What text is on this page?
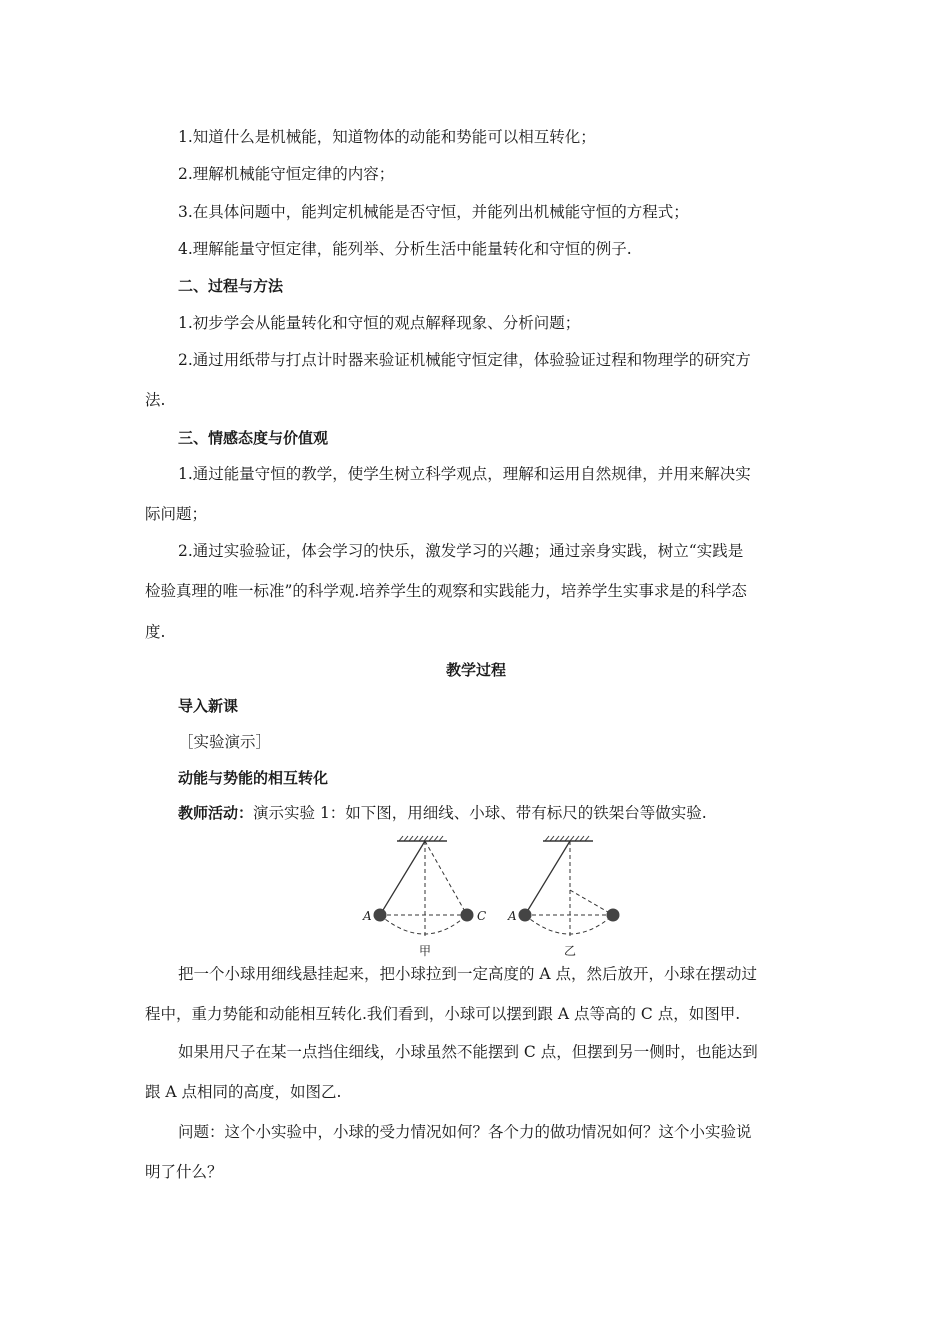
1.知道什么是机械能，知道物体的动能和势能可以相互转化；
2.理解机械能守恒定律的内容；
3.在具体问题中，能判定机械能是否守恒，并能列出机械能守恒的方程式；
4.理解能量守恒定律，能列举、分析生活中能量转化和守恒的例子.
二、过程与方法
1.初步学会从能量转化和守恒的观点解释现象、分析问题；
2.通过用纸带与打点计时器来验证机械能守恒定律，体验验证过程和物理学的研究方
法.
三、情感态度与价值观
1.通过能量守恒的教学，使学生树立科学观点，理解和运用自然规律，并用来解决实
际问题；
2.通过实验验证，体会学习的快乐，激发学习的兴趣；通过亲身实践，树立“实践是
检验真理的唯一标准”的科学观.培养学生的观察和实践能力，培养学生实事求是的科学态
度.
教学过程
导入新课
［实验演示］
动能与势能的相互转化
教师活动：演示实验 1：如下图，用细线、小球、带有标尺的铁架台等做实验.
A	C
甲
A
乙
把一个小球用细线悬挂起来，把小球拉到一定高度的 A 点，然后放开，小球在摆动过
程中，重力势能和动能相互转化.我们看到，小球可以摆到跟 A 点等高的 C 点，如图甲.
如果用尺子在某一点挡住细线，小球虽然不能摆到 C 点，但摆到另一侧时，也能达到
跟 A 点相同的高度，如图乙.
问题：这个小实验中，小球的受力情况如何？各个力的做功情况如何？这个小实验说
明了什么？
